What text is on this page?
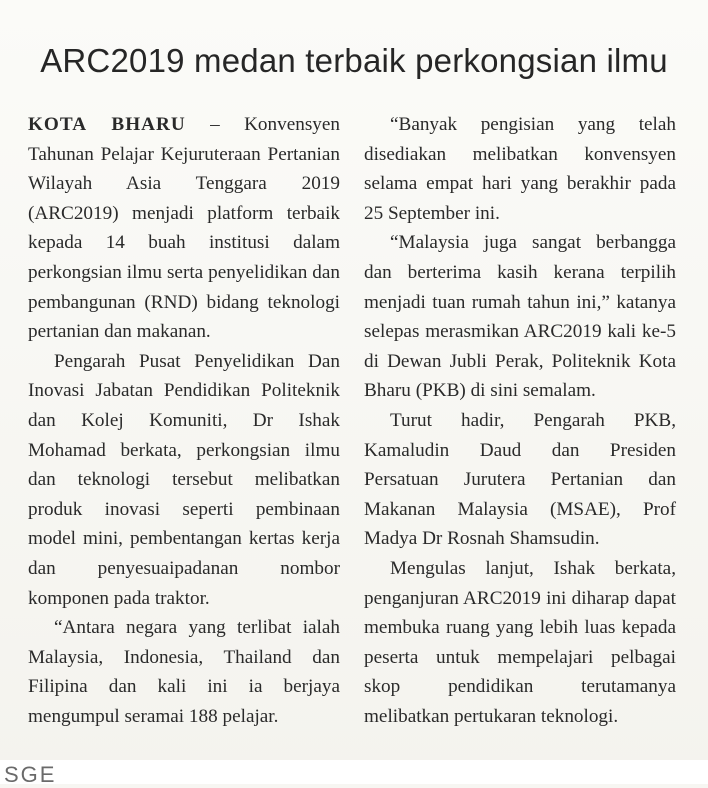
ARC2019 medan terbaik perkongsian ilmu

KOTA BHARU – Konvensyen Tahunan Pelajar Kejuruteraan Pertanian Wilayah Asia Tenggara 2019 (ARC2019) menjadi platform terbaik kepada 14 buah institusi dalam perkongsian ilmu serta penyelidikan dan pembangunan (RND) bidang teknologi pertanian dan makanan.

Pengarah Pusat Penyelidikan Dan Inovasi Jabatan Pendidikan Politeknik dan Kolej Komuniti, Dr Ishak Mohamad berkata, perkongsian ilmu dan teknologi tersebut melibatkan produk inovasi seperti pembinaan model mini, pembentangan kertas kerja dan penyesuaipadanan nombor komponen pada traktor.

“Antara negara yang terlibat ialah Malaysia, Indonesia, Thailand dan Filipina dan kali ini ia berjaya mengumpul seramai 188 pelajar.

“Banyak pengisian yang telah disediakan melibatkan konvensyen selama empat hari yang berakhir pada 25 September ini.

“Malaysia juga sangat berbangga dan berterima kasih kerana terpilih menjadi tuan rumah tahun ini,” katanya selepas merasmikan ARC2019 kali ke-5 di Dewan Jubli Perak, Politeknik Kota Bharu (PKB) di sini semalam.

Turut hadir, Pengarah PKB, Kamaludin Daud dan Presiden Persatuan Jurutera Pertanian dan Makanan Malaysia (MSAE), Prof Madya Dr Rosnah Shamsudin.

Mengulas lanjut, Ishak berkata, penganjuran ARC2019 ini diharap dapat membuka ruang yang lebih luas kepada peserta untuk mempelajari pelbagai skop pendidikan terutamanya melibatkan pertukaran teknologi.

SGE
